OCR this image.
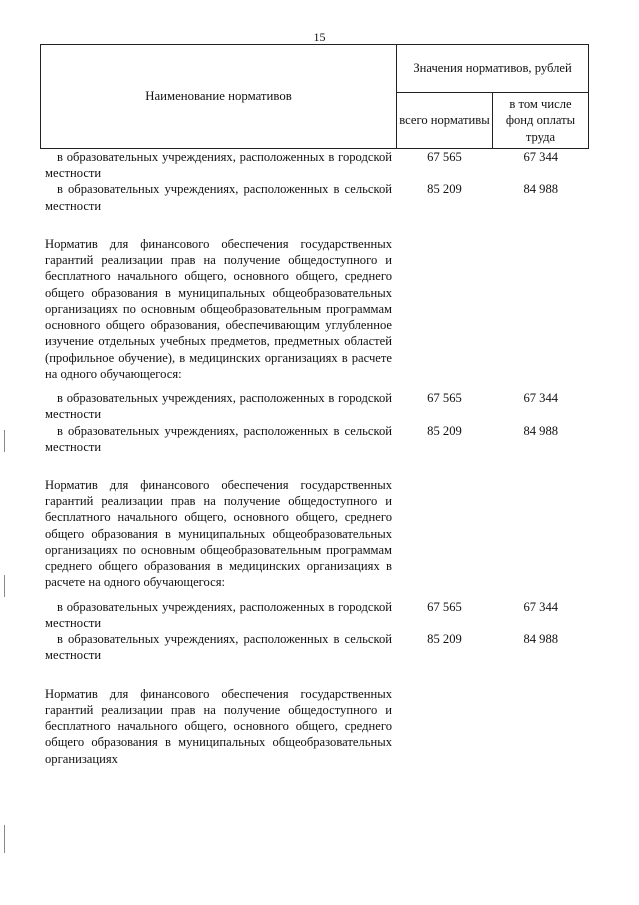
15
Наименование нормативов	Значения нормативов, рублей	
	всего нормативы	в том числе фонд оплаты труда
в образовательных учреждениях, расположенных в городской местности	67 565	67 344
в образовательных учреждениях, расположенных в сельской местности	85 209	84 988
Норматив для финансового обеспечения государственных гарантий реализации прав на получение общедоступного и бесплатного начального общего, основного общего, среднего общего образования в муниципальных общеобразовательных организациях по основным общеобразовательным программам основного общего образования, обеспечивающим углубленное изучение отдельных учебных предметов, предметных областей (профильное обучение), в медицинских организациях в расчете на одного обучающегося:		
в образовательных учреждениях, расположенных в городской местности	67 565	67 344
в образовательных учреждениях, расположенных в сельской местности	85 209	84 988
Норматив для финансового обеспечения государственных гарантий реализации прав на получение общедоступного и бесплатного начального общего, основного общего, среднего общего образования в муниципальных общеобразовательных организациях по основным общеобразовательным программам среднего общего образования в медицинских организациях в расчете на одного обучающегося:		
в образовательных учреждениях, расположенных в городской местности	67 565	67 344
в образовательных учреждениях, расположенных в сельской местности	85 209	84 988
Норматив для финансового обеспечения государственных гарантий реализации прав на получение общедоступного и бесплатного начального общего, основного общего, среднего общего образования в муниципальных общеобразовательных организациях		
